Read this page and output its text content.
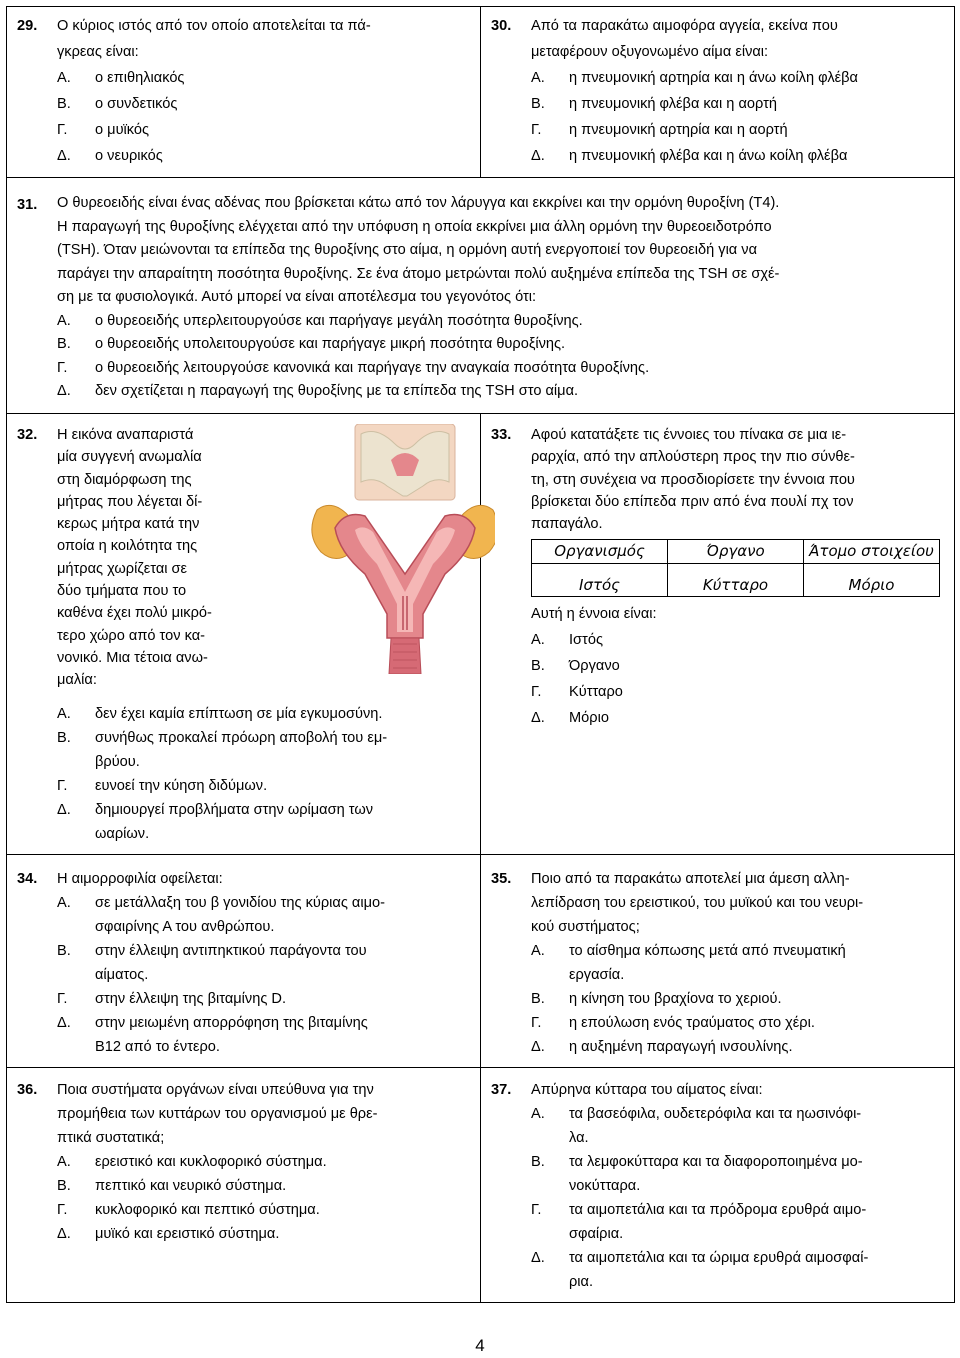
29. Ο κύριος ιστός από τον οποίο αποτελείται τα πά-
γκρεας είναι:
Α. ο επιθηλιακός
Β. ο συνδετικός
Γ. ο μυϊκός
Δ. ο νευρικός

30. Από τα παρακάτω αιμοφόρα αγγεία, εκείνα που
μεταφέρουν οξυγονωμένο αίμα είναι:
Α. η πνευμονική αρτηρία και η άνω κοίλη φλέβα
Β. η πνευμονική φλέβα και η αορτή
Γ. η πνευμονική αρτηρία και η αορτή
Δ. η πνευμονική φλέβα και η άνω κοίλη φλέβα

31. Ο θυρεοειδής είναι ένας αδένας που βρίσκεται κάτω από τον λάρυγγα και εκκρίνει και την ορμόνη θυροξίνη (Τ4).
Η παραγωγή της θυροξίνης ελέγχεται από την υπόφυση η οποία εκκρίνει μια άλλη ορμόνη την θυρεοειδοτρόπο
(TSH). Όταν μειώνονται τα επίπεδα της θυροξίνης στο αίμα, η ορμόνη αυτή ενεργοποιεί τον θυρεοειδή για να
παράγει την απαραίτητη ποσότητα θυροξίνης. Σε ένα άτομο μετρώνται πολύ αυξημένα επίπεδα της TSH σε σχέ-
ση με τα φυσιολογικά. Αυτό μπορεί να είναι αποτέλεσμα του γεγονότος ότι:
Α. ο θυρεοειδής υπερλειτουργούσε και παρήγαγε μεγάλη ποσότητα θυροξίνης.
Β. ο θυρεοειδής υπολειτουργούσε και παρήγαγε μικρή ποσότητα θυροξίνης.
Γ. ο θυρεοειδής λειτουργούσε κανονικά και παρήγαγε την αναγκαία ποσότητα θυροξίνης.
Δ. δεν σχετίζεται η παραγωγή της θυροξίνης με τα επίπεδα της TSH στο αίμα.

32. Η εικόνα αναπαριστά
μία συγγενή ανωμαλία
στη διαμόρφωση της
μήτρας που λέγεται δί-
κερως μήτρα κατά την
οποία η κοιλότητα της
μήτρας χωρίζεται σε
δύο τμήματα που το
καθένα έχει πολύ μικρό-
τερο χώρο από τον κα-
νονικό. Μια τέτοια ανω-
μαλία:
Α. δεν έχει καμία επίπτωση σε μία εγκυμοσύνη.
Β. συνήθως προκαλεί πρόωρη αποβολή του εμ-
βρύου.
Γ. ευνοεί την κύηση διδύμων.
Δ. δημιουργεί προβλήματα στην ωρίμαση των
ωαρίων.

33. Αφού κατατάξετε τις έννοιες του πίνακα σε μια ιε-
ραρχία, από την απλούστερη προς την πιο σύνθε-
τη, στη συνέχεια να προσδιορίσετε την έννοια που
βρίσκεται δύο επίπεδα πριν από ένα πουλί πχ τον
παπαγάλο.
Οργανισμός	Όργανο	Άτομο στοιχείου
Ιστός	Κύτταρο	Μόριο
Αυτή η έννοια είναι:
Α. Ιστός
Β. Όργανο
Γ. Κύτταρο
Δ. Μόριο

34. Η αιμορροφιλία οφείλεται:
Α. σε μετάλλαξη του β γονιδίου της κύριας αιμο-
σφαιρίνης Α του ανθρώπου.
Β. στην έλλειψη αντιπηκτικού παράγοντα του
αίματος.
Γ. στην έλλειψη της βιταμίνης D.
Δ. στην μειωμένη απορρόφηση της βιταμίνης
B12 από το έντερο.

35. Ποιο από τα παρακάτω αποτελεί μια άμεση αλλη-
λεπίδραση του ερειστικού, του μυϊκού και του νευρι-
κού συστήματος;
Α. το αίσθημα κόπωσης μετά από πνευματική
εργασία.
Β. η κίνηση του βραχίονα το χεριού.
Γ. η επούλωση ενός τραύματος στο χέρι.
Δ. η αυξημένη παραγωγή ινσουλίνης.

36. Ποια συστήματα οργάνων είναι υπεύθυνα για την
προμήθεια των κυττάρων του οργανισμού με θρε-
πτικά συστατικά;
Α. ερειστικό και κυκλοφορικό σύστημα.
Β. πεπτικό και νευρικό σύστημα.
Γ. κυκλοφορικό και πεπτικό σύστημα.
Δ. μυϊκό και ερειστικό σύστημα.

37. Απύρηνα κύτταρα του αίματος είναι:
Α. τα βασεόφιλα, ουδετερόφιλα και τα ηωσινόφι-
λα.
Β. τα λεμφοκύτταρα και τα διαφοροποιημένα μο-
νοκύτταρα.
Γ. τα αιμοπετάλια και τα πρόδρομα ερυθρά αιμο-
σφαίρια.
Δ. τα αιμοπετάλια και τα ώριμα ερυθρά αιμοσφαί-
ρια.
4
